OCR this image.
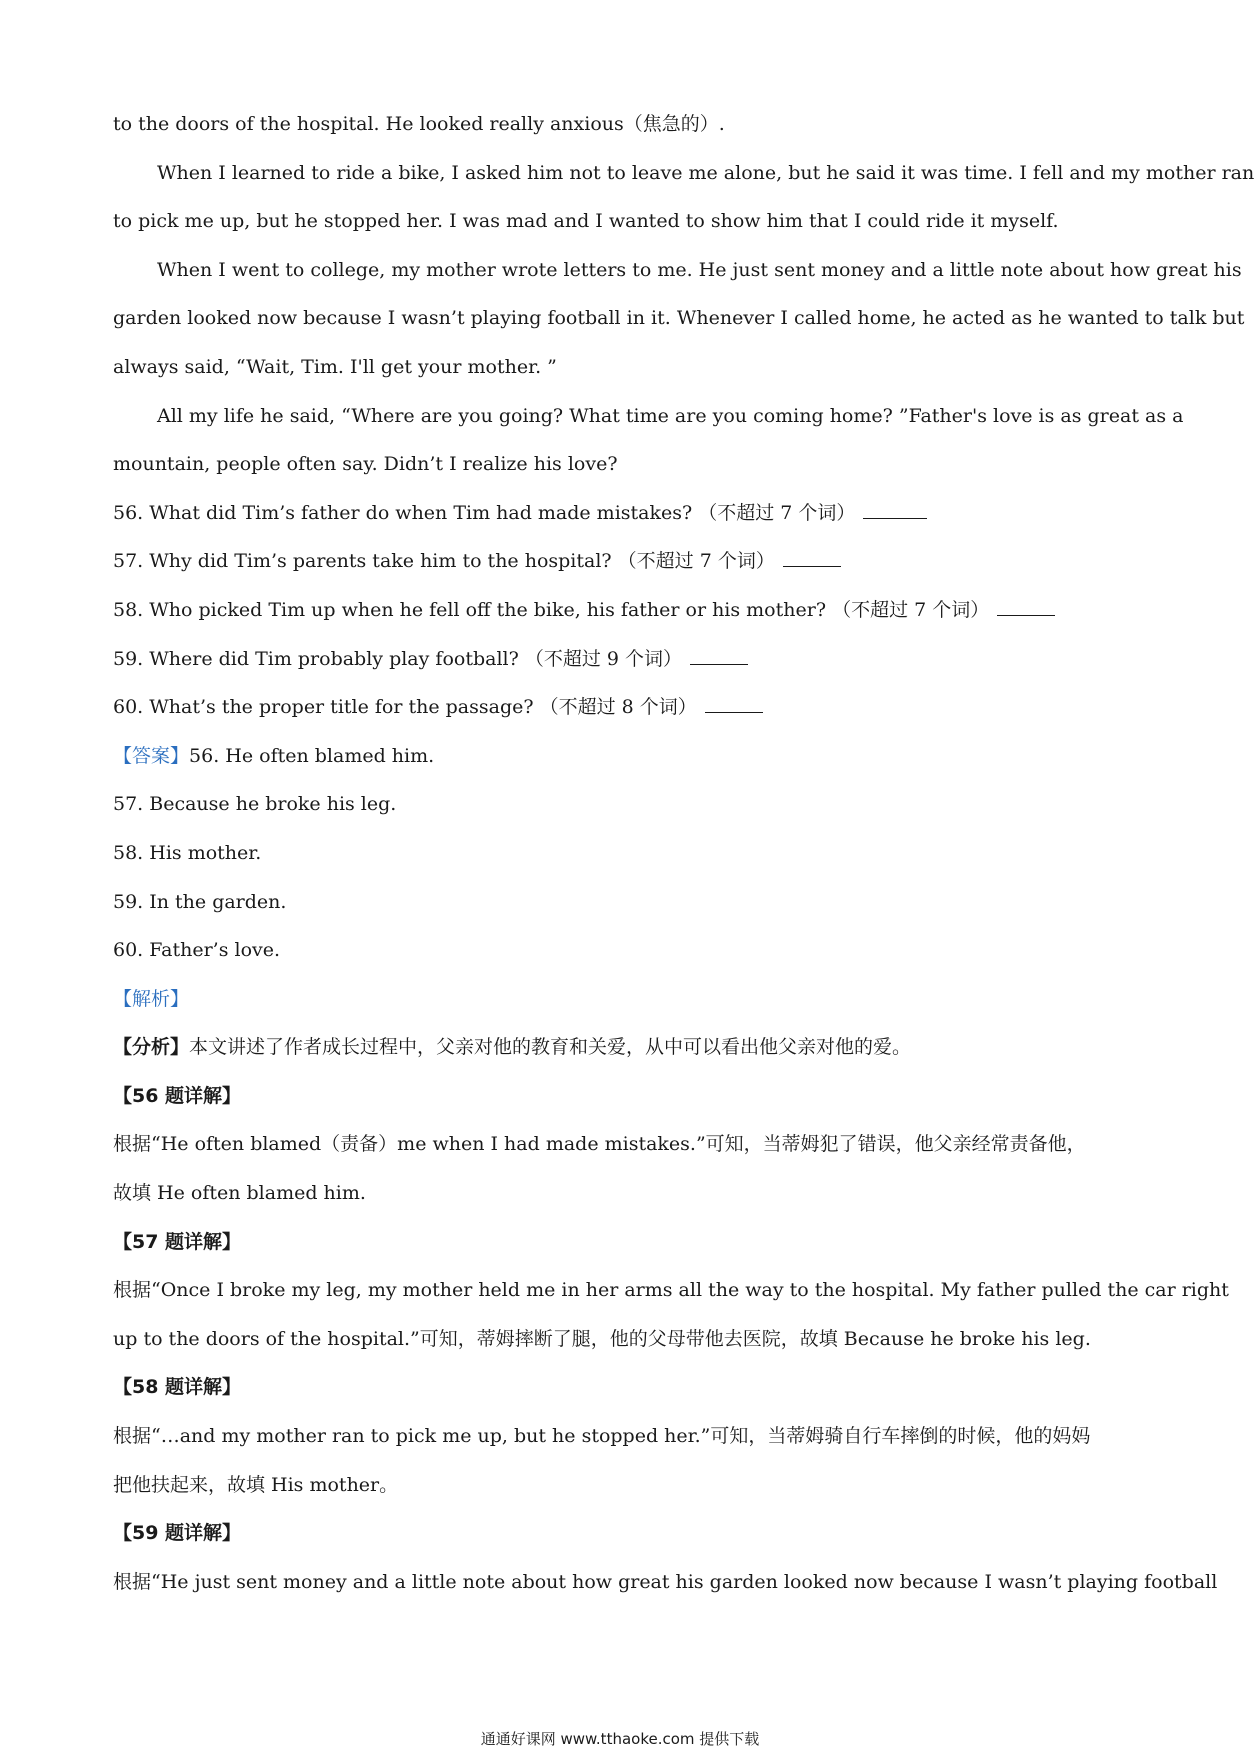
to the doors of the hospital. He looked really anxious（焦急的）.
When I learned to ride a bike, I asked him not to leave me alone, but he said it was time. I fell and my mother ran
to pick me up, but he stopped her. I was mad and I wanted to show him that I could ride it myself.
When I went to college, my mother wrote letters to me. He just sent money and a little note about how great his
garden looked now because I wasn’t playing football in it. Whenever I called home, he acted as he wanted to talk but
always said, “Wait, Tim. I'll get your mother. ”
All my life he said, “Where are you going? What time are you coming home? ”Father's love is as great as a
mountain, people often say. Didn’t I realize his love?
56. What did Tim’s father do when Tim had made mistakes? （不超过 7 个词）
57. Why did Tim’s parents take him to the hospital? （不超过 7 个词）
58. Who picked Tim up when he fell off the bike, his father or his mother? （不超过 7 个词）
59. Where did Tim probably play football? （不超过 9 个词）
60. What’s the proper title for the passage? （不超过 8 个词）
【答案】56. He often blamed him.
57. Because he broke his leg.
58. His mother.
59. In the garden.
60. Father’s love.
【解析】
【分析】本文讲述了作者成长过程中，父亲对他的教育和关爱，从中可以看出他父亲对他的爱。
【56 题详解】
根据“He often blamed（责备）me when I had made mistakes.”可知，当蒂姆犯了错误，他父亲经常责备他，
故填 He often blamed him.
【57 题详解】
根据“Once I broke my leg, my mother held me in her arms all the way to the hospital. My father pulled the car right
up to the doors of the hospital.”可知，蒂姆摔断了腿，他的父母带他去医院，故填 Because he broke his leg.
【58 题详解】
根据“…and my mother ran to pick me up, but he stopped her.”可知，当蒂姆骑自行车摔倒的时候，他的妈妈
把他扶起来，故填 His mother。
【59 题详解】
根据“He just sent money and a little note about how great his garden looked now because I wasn’t playing football
通通好课网 www.tthaoke.com 提供下载
